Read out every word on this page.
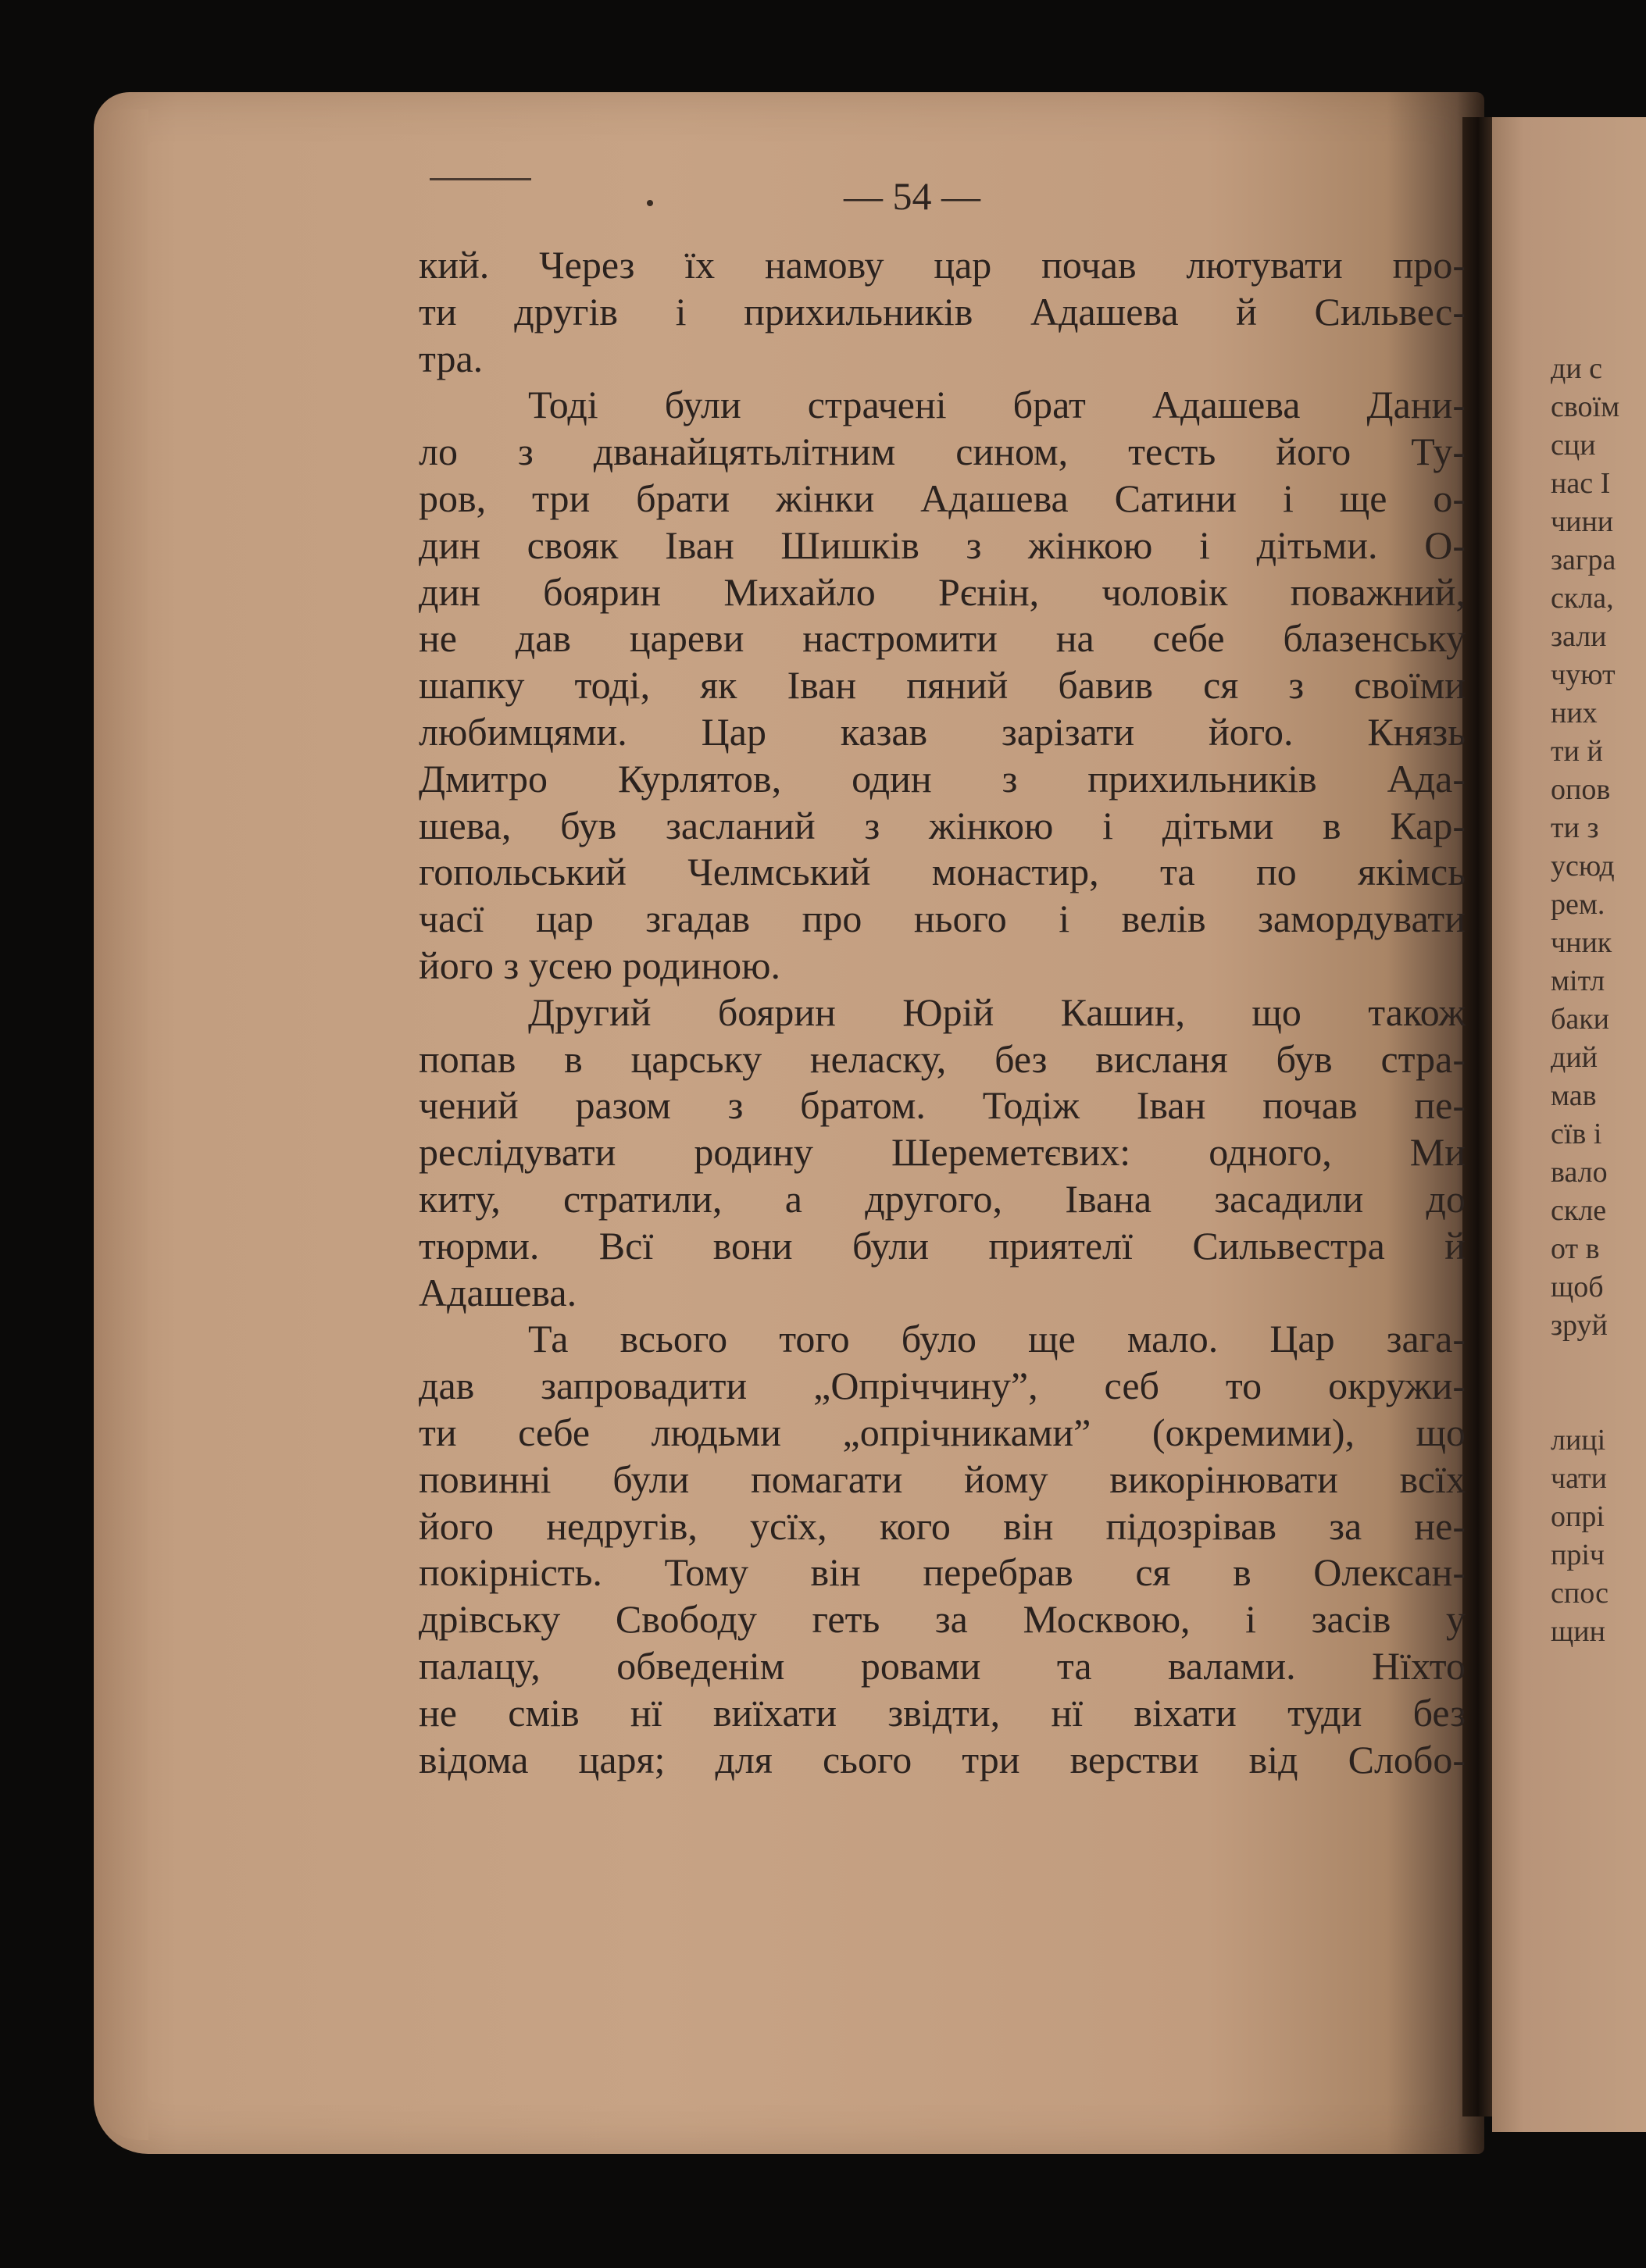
— 54 —
кий. Через їх намову цар почав лютувати про-
ти другів і прихильників Адашева й Сильвес-
тра.
Тоді були страчені брат Адашева Дани-
ло з дванайцятьлітним сином, тесть його Ту-
ров, три брати жінки Адашева Сатини і ще о-
дин свояк Іван Шишків з жінкою і дітьми. О-
дин боярин Михайло Рєнін, чоловік поважний,
не дав цареви настромити на себе блазенську
шапку тоді, як Іван пяний бавив ся з своїми
любимцями. Цар казав зарізати його. Князь
Дмитро Курлятов, один з прихильників Ада-
шева, був засланий з жінкою і дітьми в Кар-
гопольський Челмський монастир, та по якімсь
часї цар згадав про нього і велів замордувати
його з усею родиною.
Другий боярин Юрій Кашин, що також
попав в царську неласку, без висланя був стра-
чений разом з братом. Тодіж Іван почав пе-
реслідувати родину Шереметєвих: одного, Ми
киту, стратили, а другого, Івана засадили до
тюрми. Всї вони були приятелї Сильвестра й
Адашева.
Та всього того було ще мало. Цар зага-
дав запровадити „Опріччину”, себ то окружи-
ти себе людьми „опрічниками” (окремими), що
повинні були помагати йому викорінювати всїх
його недругів, усїх, кого він підозрівав за не-
покірність. Тому він перебрав ся в Олексан-
дрівську Свободу геть за Москвою, і засів у
палацу, обведенім ровами та валами. Нїхто
не смів нї виїхати звідти, нї віхати туди без
відома царя; для сього три верстви від Слобо-
ди с
своїм
сци
нас І
чини
загра
скла,
зали
чуют
них
ти й
опов
ти з
усюд
рем.
чник
мітл
баки
дий
мав
сїв і
вало
скле
от в
щоб
зруй
лиці
чати
опрі
пріч
спос
щин
